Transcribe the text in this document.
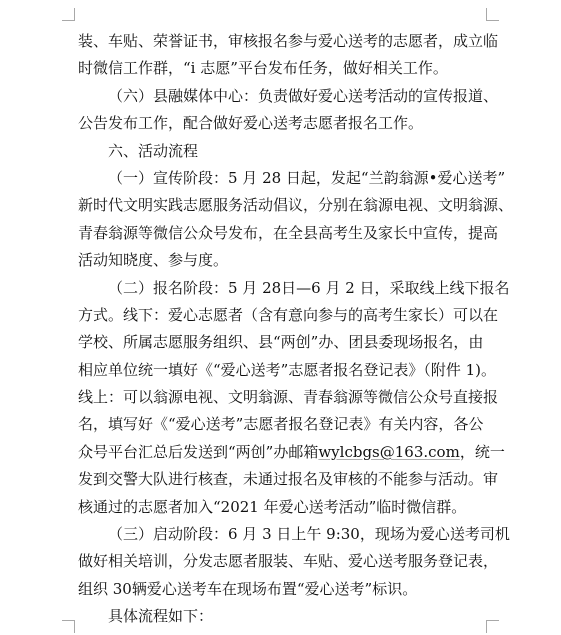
装、车贴、荣誉证书，审核报名参与爱心送考的志愿者，成立临
时微信工作群，“i 志愿”平台发布任务，做好相关工作。
（六）县融媒体中心：负责做好爱心送考活动的宣传报道、
公告发布工作，配合做好爱心送考志愿者报名工作。
六、活动流程
（一）宣传阶段：5 月 28 日起，发起“兰韵翁源•爱心送考”
新时代文明实践志愿服务活动倡议，分别在翁源电视、文明翁源、
青春翁源等微信公众号发布，在全县高考生及家长中宣传，提高
活动知晓度、参与度。
（二）报名阶段：5 月 28日—6 月 2 日，采取线上线下报名
方式。线下：爱心志愿者（含有意向参与的高考生家长）可以在
学校、所属志愿服务组织、县“两创”办、团县委现场报名，由
相应单位统一填好《“爱心送考”志愿者报名登记表》（附件 1)。
线上：可以翁源电视、文明翁源、青春翁源等微信公众号直接报
名，填写好《“爱心送考”志愿者报名登记表》有关内容，各公
众号平台汇总后发送到“两创”办邮箱wylcbgs@163.com，统一
发到交警大队进行核查，未通过报名及审核的不能参与活动。审
核通过的志愿者加入“2021 年爱心送考活动”临时微信群。
（三）启动阶段：6 月 3 日上午 9:30，现场为爱心送考司机
做好相关培训，分发志愿者服装、车贴、爱心送考服务登记表，
组织 30辆爱心送考车在现场布置“爱心送考”标识。
具体流程如下：
